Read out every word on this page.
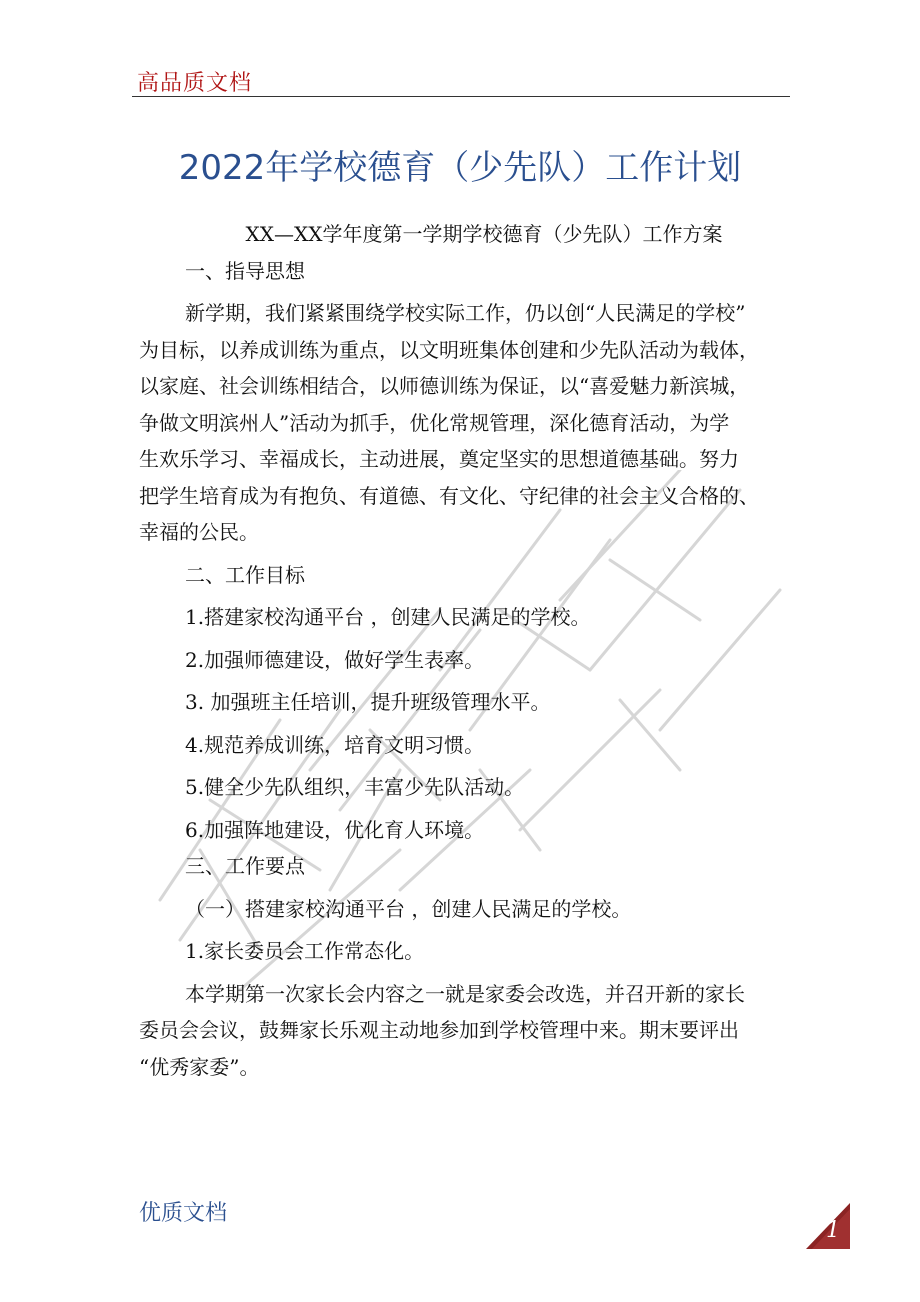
高品质文档
2022年学校德育（少先队）工作计划
XX—XX学年度第一学期学校德育（少先队）工作方案
一、指导思想
新学期，我们紧紧围绕学校实际工作，仍以创“人民满足的学校”
为目标，以养成训练为重点，以文明班集体创建和少先队活动为载体，
以家庭、社会训练相结合，以师德训练为保证，以“喜爱魅力新滨城，
争做文明滨州人”活动为抓手，优化常规管理，深化德育活动，为学
生欢乐学习、幸福成长，主动进展，奠定坚实的思想道德基础。努力
把学生培育成为有抱负、有道德、有文化、守纪律的社会主义合格的、
幸福的公民。
二、工作目标
1.搭建家校沟通平台 ，创建人民满足的学校。
2.加强师德建设，做好学生表率。
3. 加强班主任培训，提升班级管理水平。
4.规范养成训练，培育文明习惯。
5.健全少先队组织，丰富少先队活动。
6.加强阵地建设，优化育人环境。
三、工作要点
（一）搭建家校沟通平台 ，创建人民满足的学校。
1.家长委员会工作常态化。
本学期第一次家长会内容之一就是家委会改选，并召开新的家长
委员会会议，鼓舞家长乐观主动地参加到学校管理中来。期末要评出
“优秀家委”。
优质文档
1
